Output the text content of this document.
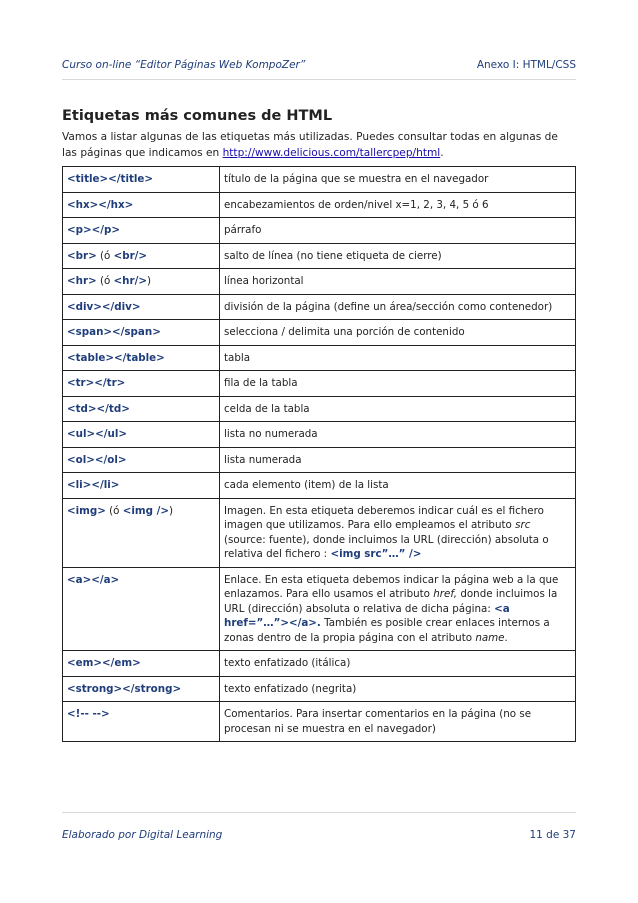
Curso on-line “Editor Páginas Web KompoZer”	Anexo I: HTML/CSS
Etiquetas más comunes de HTML
Vamos a listar algunas de las etiquetas más utilizadas. Puedes consultar todas en algunas de las páginas que indicamos en http://www.delicious.com/tallercpep/html.
<title></title>	título de la página que se muestra en el navegador
<hx></hx>	encabezamientos de orden/nivel x=1, 2, 3, 4, 5 ó 6
<p></p>	párrafo
<br> (ó <br/>	salto de línea (no tiene etiqueta de cierre)
<hr> (ó <hr/>)	línea horizontal
<div></div>	división de la página (define un área/sección como contenedor)
<span></span>	selecciona / delimita una porción de contenido
<table></table>	tabla
<tr></tr>	fila de la tabla
<td></td>	celda de la tabla
<ul></ul>	lista no numerada
<ol></ol>	lista numerada
<li></li>	cada elemento (item) de la lista
<img> (ó <img />)	Imagen. En esta etiqueta deberemos indicar cuál es el fichero imagen que utilizamos. Para ello empleamos el atributo src (source: fuente), donde incluimos la URL (dirección) absoluta o relativa del fichero : <img src”…” />
<a></a>	Enlace. En esta etiqueta debemos indicar la página web a la que enlazamos. Para ello usamos el atributo href, donde incluimos la URL (dirección) absoluta o relativa de dicha página: <a href=”…”></a>. También es posible crear enlaces internos a zonas dentro de la propia página con el atributo name.
<em></em>	texto enfatizado (itálica)
<strong></strong>	texto enfatizado (negrita)
<!-- -->	Comentarios. Para insertar comentarios en la página (no se procesan ni se muestra en el navegador)
Elaborado por Digital Learning	11 de 37
